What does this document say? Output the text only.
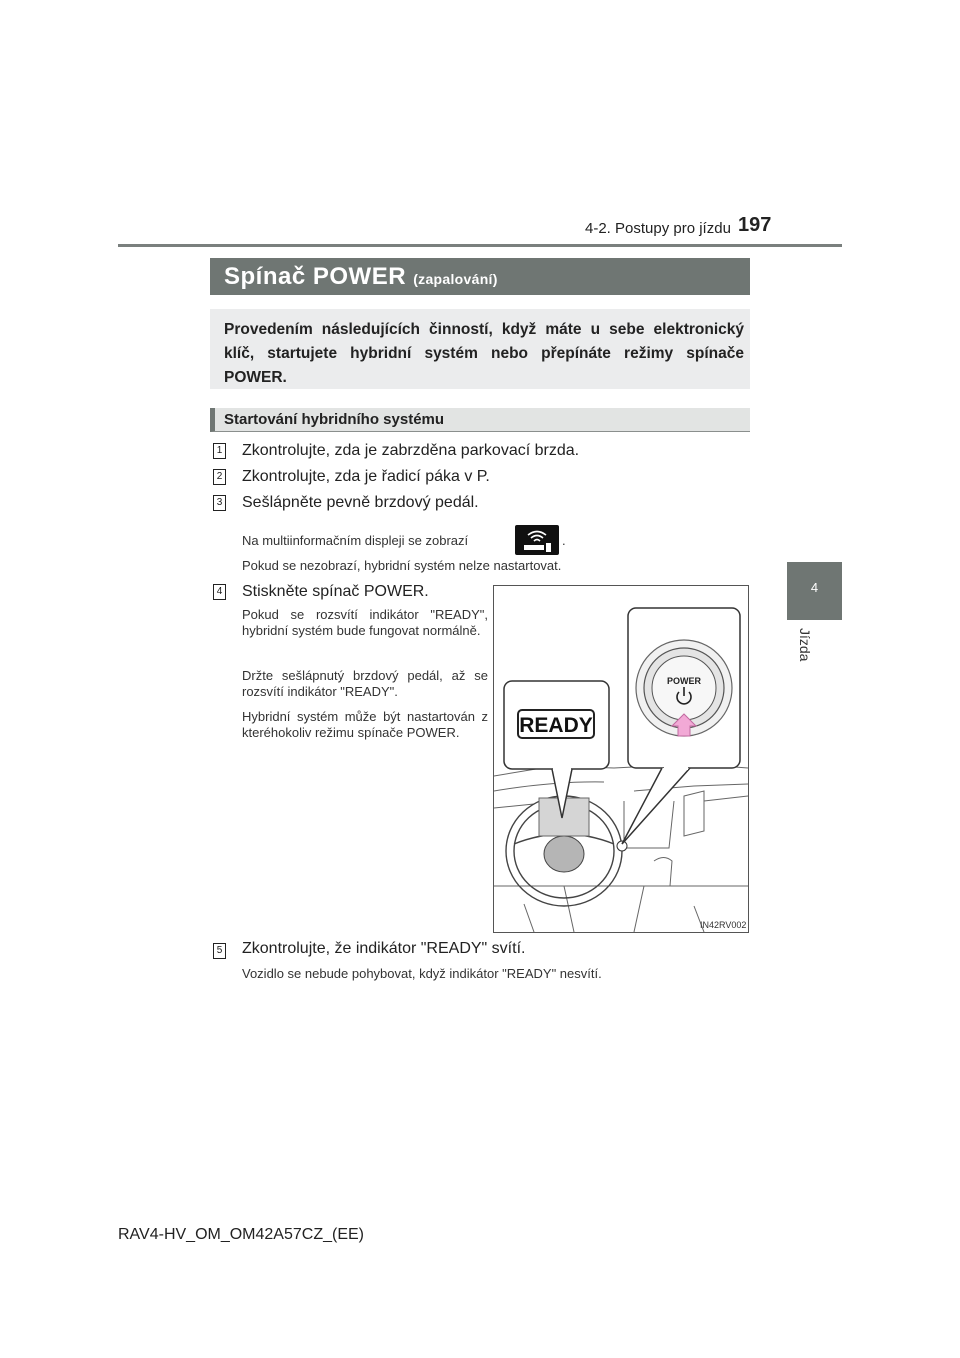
4-2. Postupy pro jízdu 197
4
Jízda
Spínač POWER (zapalování)
Provedením následujících činností, když máte u sebe elektronický klíč, startujete hybridní systém nebo přepínáte režimy spínače POWER.
Startování hybridního systému
1 Zkontrolujte, zda je zabrzděna parkovací brzda.
2 Zkontrolujte, zda je řadicí páka v P.
3 Sešlápněte pevně brzdový pedál.
Na multiinformačním displeji se zobrazí	.
Pokud se nezobrazí, hybridní systém nelze nastartovat.
4 Stiskněte spínač POWER.
Pokud se rozsvítí indikátor "READY", hybridní systém bude fungovat normálně.
Držte sešlápnutý brzdový pedál, až se rozsvítí indikátor "READY".
Hybridní systém může být nastartován z kteréhokoliv režimu spínače POWER.	READY
POWER
IN42RV002
5 Zkontrolujte, že indikátor "READY" svítí.
Vozidlo se nebude pohybovat, když indikátor "READY" nesvítí.
RAV4-HV_OM_OM42A57CZ_(EE)
